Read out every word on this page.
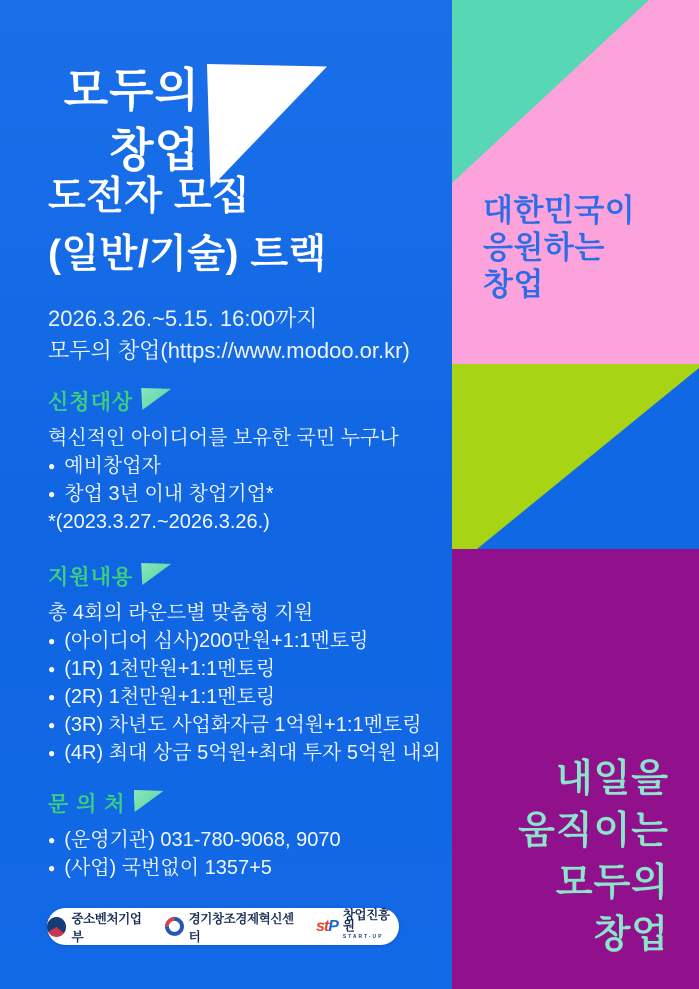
모두의
창업
도전자 모집
(일반/기술) 트랙
2026.3.26.~5.15. 16:00까지
모두의 창업(https://www.modoo.or.kr)
신청대상
혁신적인 아이디어를 보유한 국민 누구나
● 예비창업자
● 창업 3년 이내 창업기업*
*(2023.3.27.~2026.3.26.)
지원내용
총 4회의 라운드별 맞춤형 지원
● (아이디어 심사)200만원+1:1멘토링
● (1R) 1천만원+1:1멘토링
● (2R) 1천만원+1:1멘토링
● (3R) 차년도 사업화자금 1억원+1:1멘토링
● (4R) 최대 상금 5억원+최대 투자 5억원 내외
문 의 처
● (운영기관) 031-780-9068, 9070
● (사업) 국번없이 1357+5
중소벤처기업부
경기창조경제혁신센터
stP
창업진흥원
START-UP
대한민국이
응원하는
창업
내일을
움직이는
모두의
창업
